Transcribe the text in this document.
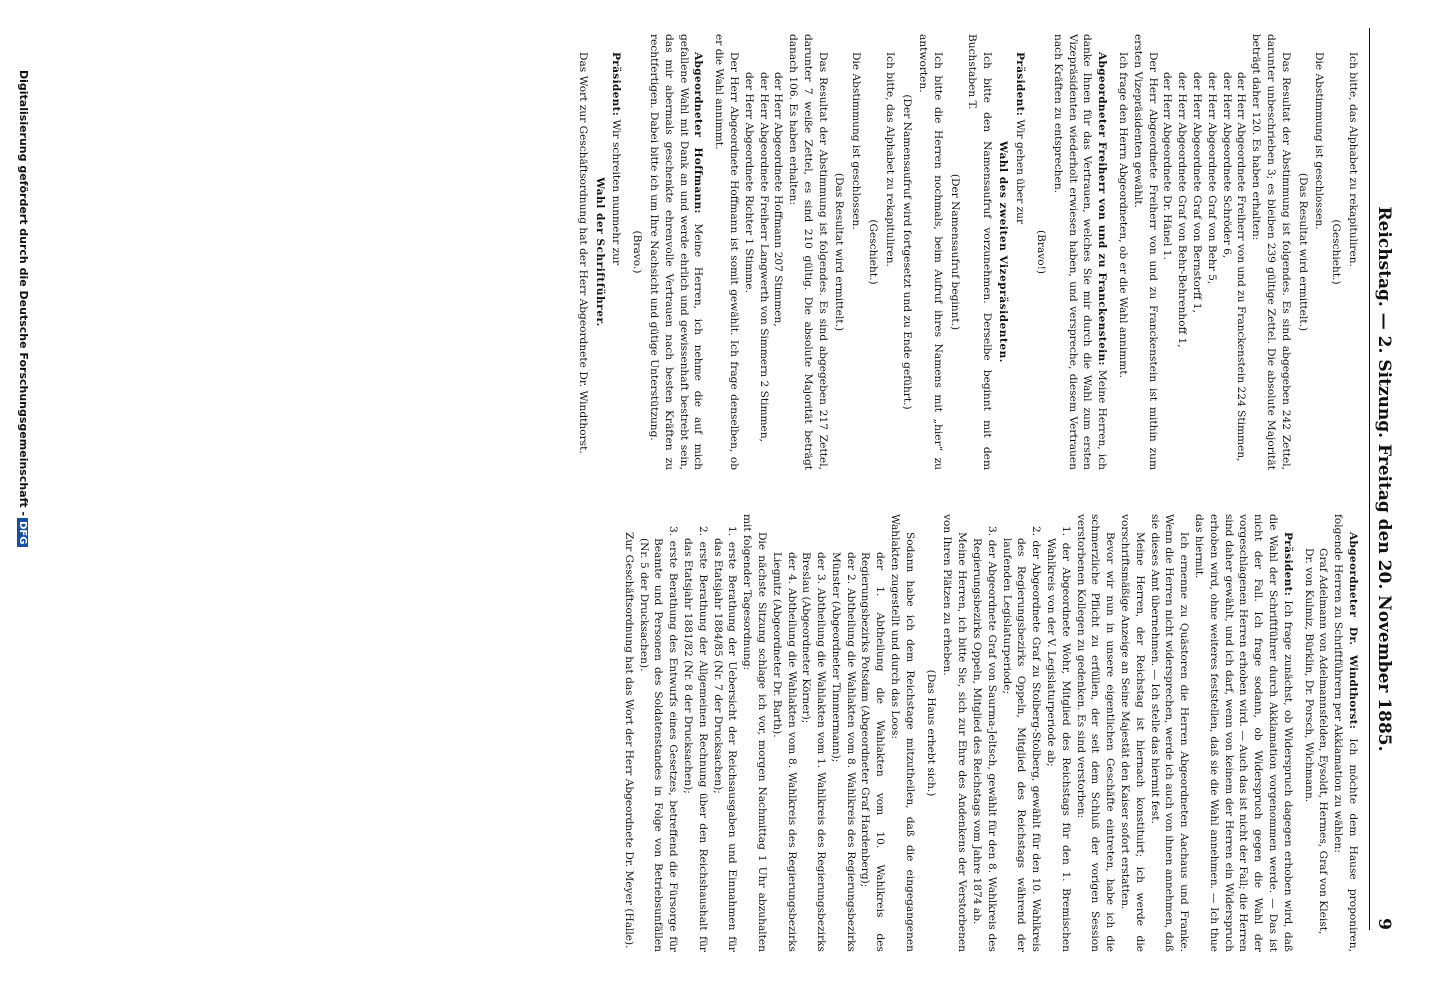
Reichstag. — 2. Sitzung. Freitag den 20. November 1885.
9

Ich bitte, das Alphabet zu rekapituliren.

(Geschieht.)

Die Abstimmung ist geschlossen.

(Das Resultat wird ermittelt.)

Das Resultat der Abstimmung ist folgendes. Es sind abgegeben 242 Zettel, darunter unbeschrieben 3; es bleiben 239 gültige Zettel. Die absolute Majorität beträgt daher 120. Es haben erhalten:

der Herr Abgeordnete Freiherr von und zu Franckenstein 224 Stimmen,

der Herr Abgeordnete Schröder 6,

der Herr Abgeordnete Graf von Behr 5,

der Herr Abgeordnete Graf von Bernstorff 1,

der Herr Abgeordnete Graf von Behr-Behrenhoff 1,

der Herr Abgeordnete Dr. Hänel 1.

Der Herr Abgeordnete Freiherr von und zu Franckenstein ist mithin zum ersten Vizepräsidenten gewählt.

Ich frage den Herrn Abgeordneten, ob er die Wahl annimmt.

Abgeordneter Freiherr von und zu Franckenstein: Meine Herren, ich danke Ihnen für das Vertrauen, welches Sie mir durch die Wahl zum ersten Vizepräsidenten wiederholt erwiesen haben, und verspreche, diesem Vertrauen nach Kräften zu entsprechen.

(Bravo!)

Präsident: Wir gehen über zur

Wahl des zweiten Vizepräsidenten.

Ich bitte den Namensaufruf vorzunehmen. Derselbe beginnt mit dem Buchstaben T.

(Der Namensaufruf beginnt.)

Ich bitte die Herren nochmals, beim Aufruf ihres Namens mit „hier“ zu antworten.

(Der Namensaufruf wird fortgesetzt und zu Ende geführt.)

Ich bitte, das Alphabet zu rekapituliren.

(Geschieht.)

Die Abstimmung ist geschlossen.

(Das Resultat wird ermittelt.)

Das Resultat der Abstimmung ist folgendes. Es sind abgegeben 217 Zettel, darunter 7 weiße Zettel, es sind 210 gültig. Die absolute Majorität beträgt danach 106. Es haben erhalten:

der Herr Abgeordnete Hoffmann 207 Stimmen,

der Herr Abgeordnete Freiherr Langwerth von Simmern 2 Stimmen,

der Herr Abgeordnete Richter 1 Stimme.

Der Herr Abgeordnete Hoffmann ist somit gewählt. Ich frage denselben, ob er die Wahl annimmt.

Abgeordneter Hoffmann: Meine Herren, ich nehme die auf mich gefallene Wahl mit Dank an und werde ehrlich und gewissenhaft bestrebt sein, das mir abermals geschenkte ehrenvolle Vertrauen nach besten Kräften zu rechtfertigen. Dabei bitte ich um Ihre Nachsicht und gütige Unterstützung.

(Bravo.)

Präsident: Wir schreiten nunmehr zur

Wahl der Schriftführer.

Das Wort zur Geschäftsordnung hat der Herr Abgeordnete Dr. Windthorst.

Abgeordneter Dr. Windthorst: Ich möchte dem Hause proponiren, folgende Herren zu Schriftführern per Akklamation zu wählen:

Graf Adelmann von Adelmannsfelden, Eysoldt, Hermes, Graf von Kleist, Dr. von Kulmiz, Bürklin, Dr. Porsch, Wichmann.

Präsident: Ich frage zunächst, ob Widerspruch dagegen erhoben wird, daß die Wahl der Schriftführer durch Akklamation vorgenommen werde. — Das ist nicht der Fall. Ich frage sodann, ob Widerspruch gegen die Wahl der vorgeschlagenen Herren erhoben wird. — Auch das ist nicht der Fall; die Herren sind daher gewählt, und ich darf, wenn von keinem der Herren ein Widerspruch erhoben wird, ohne weiteres feststellen, daß sie die Wahl annehmen. — Ich thue das hiermit.

Ich ernenne zu Quästoren die Herren Abgeordneten Aachaus und Franke. Wenn die Herren nicht widersprechen, werde ich auch von ihnen annehmen, daß sie dieses Amt übernehmen. — Ich stelle das hiermit fest.

Meine Herren, der Reichstag ist hiernach konstituirt; ich werde die vorschriftsmäßige Anzeige an Seine Majestät den Kaiser sofort erstatten.

Bevor wir nun in unsere eigentlichen Geschäfte eintreten, habe ich die schmerzliche Pflicht zu erfüllen, der seit dem Schluß der vorigen Session verstorbenen Kollegen zu gedenken. Es sind verstorben:

1. der Abgeordnete Wohr, Mitglied des Reichstags für den 1. Bremischen Wahlkreis von der V. Legislaturperiode ab;

2. der Abgeordnete Graf zu Stolberg-Stolberg, gewählt für den 10. Wahlkreis des Regierungsbezirks Oppeln, Mitglied des Reichstags während der laufenden Legislaturperiode;

3. der Abgeordnete Graf von Saurma-Jeltsch, gewählt für den 8. Wahlkreis des Regierungsbezirks Oppeln, Mitglied des Reichstags vom Jahre 1874 ab.

Meine Herren, ich bitte Sie, sich zur Ehre des Andenkens der Verstorbenen von Ihren Plätzen zu erheben.

(Das Haus erhebt sich.)

Sodann habe ich dem Reichstage mitzutheilen, daß die eingegangenen Wahlakten zugestellt und durch das Loos:

der 1. Abtheilung die Wahlakten vom 10. Wahlkreis des Regierungsbezirks Potsdam (Abgeordneter Graf Hardenberg);

der 2. Abtheilung die Wahlakten vom 8. Wahlkreis des Regierungsbezirks Münster (Abgeordneter Timmermann);

der 3. Abtheilung die Wahlakten vom 1. Wahlkreis des Regierungsbezirks Breslau (Abgeordneter Körner);

der 4. Abtheilung die Wahlakten vom 8. Wahlkreis des Regierungsbezirks Liegnitz (Abgeordneter Dr. Barth).

Die nächste Sitzung schlage ich vor, morgen Nachmittag 1 Uhr abzuhalten mit folgender Tagesordnung:

1. erste Berathung der Uebersicht der Reichsausgaben und Einnahmen für das Etatsjahr 1884/85 (Nr. 7 der Drucksachen);

2. erste Berathung der Allgemeinen Rechnung über den Reichshaushalt für das Etatsjahr 1881/82 (Nr. 8 der Drucksachen);

3. erste Berathung des Entwurfs eines Gesetzes, betreffend die Fürsorge für Beamte und Personen des Soldatenstandes in Folge von Betriebsunfällen (Nr. 5 der Drucksachen).

Zur Geschäftsordnung hat das Wort der Herr Abgeordnete Dr. Meyer (Halle).

Digitalisierung gefördert durch die Deutsche Forschungsgemeinschaft -DFG
